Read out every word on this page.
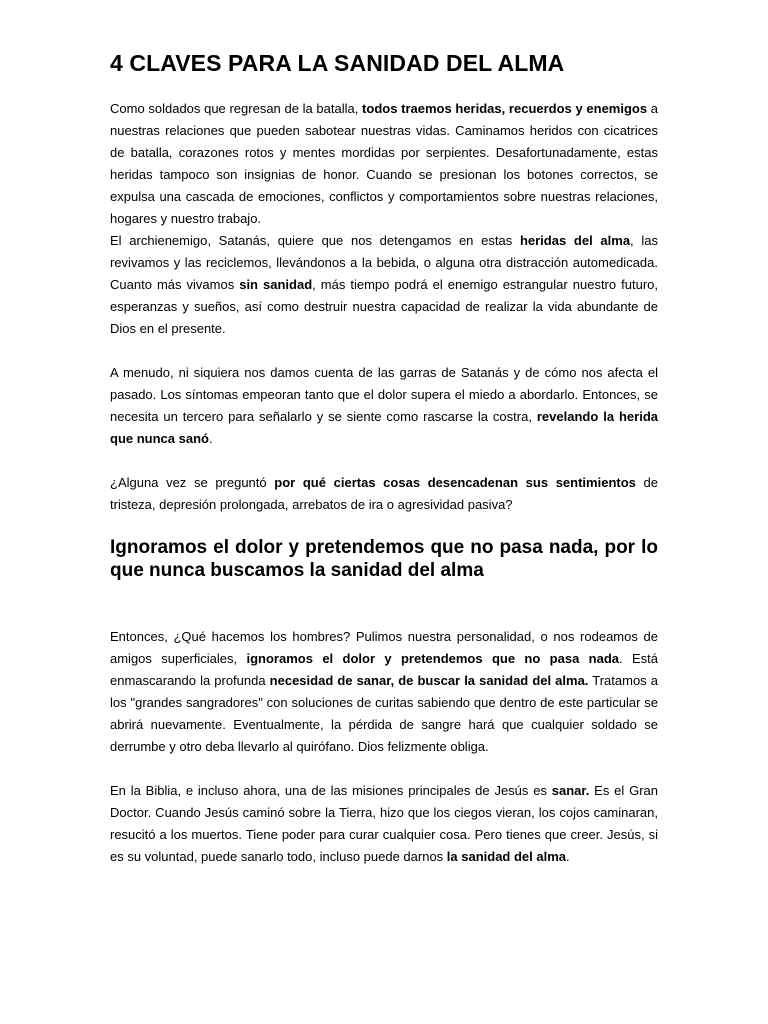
4 CLAVES PARA LA SANIDAD DEL ALMA

Como soldados que regresan de la batalla, todos traemos heridas, recuerdos y enemigos a nuestras relaciones que pueden sabotear nuestras vidas. Caminamos heridos con cicatrices de batalla, corazones rotos y mentes mordidas por serpientes. Desafortunadamente, estas heridas tampoco son insignias de honor. Cuando se presionan los botones correctos, se expulsa una cascada de emociones, conflictos y comportamientos sobre nuestras relaciones, hogares y nuestro trabajo.

El archienemigo, Satanás, quiere que nos detengamos en estas heridas del alma, las revivamos y las reciclemos, llevándonos a la bebida, o alguna otra distracción automedicada. Cuanto más vivamos sin sanidad, más tiempo podrá el enemigo estrangular nuestro futuro, esperanzas y sueños, así como destruir nuestra capacidad de realizar la vida abundante de Dios en el presente.

A menudo, ni siquiera nos damos cuenta de las garras de Satanás y de cómo nos afecta el pasado. Los síntomas empeoran tanto que el dolor supera el miedo a abordarlo. Entonces, se necesita un tercero para señalarlo y se siente como rascarse la costra, revelando la herida que nunca sanó.

¿Alguna vez se preguntó por qué ciertas cosas desencadenan sus sentimientos de tristeza, depresión prolongada, arrebatos de ira o agresividad pasiva?

Ignoramos el dolor y pretendemos que no pasa nada, por lo que nunca buscamos la sanidad del alma

Entonces, ¿Qué hacemos los hombres? Pulimos nuestra personalidad, o nos rodeamos de amigos superficiales, ignoramos el dolor y pretendemos que no pasa nada. Está enmascarando la profunda necesidad de sanar, de buscar la sanidad del alma. Tratamos a los "grandes sangradores" con soluciones de curitas sabiendo que dentro de este particular se abrirá nuevamente. Eventualmente, la pérdida de sangre hará que cualquier soldado se derrumbe y otro deba llevarlo al quirófano. Dios felizmente obliga.

En la Biblia, e incluso ahora, una de las misiones principales de Jesús es sanar. Es el Gran Doctor. Cuando Jesús caminó sobre la Tierra, hizo que los ciegos vieran, los cojos caminaran, resucitó a los muertos. Tiene poder para curar cualquier cosa. Pero tienes que creer. Jesús, si es su voluntad, puede sanarlo todo, incluso puede darnos la sanidad del alma.
